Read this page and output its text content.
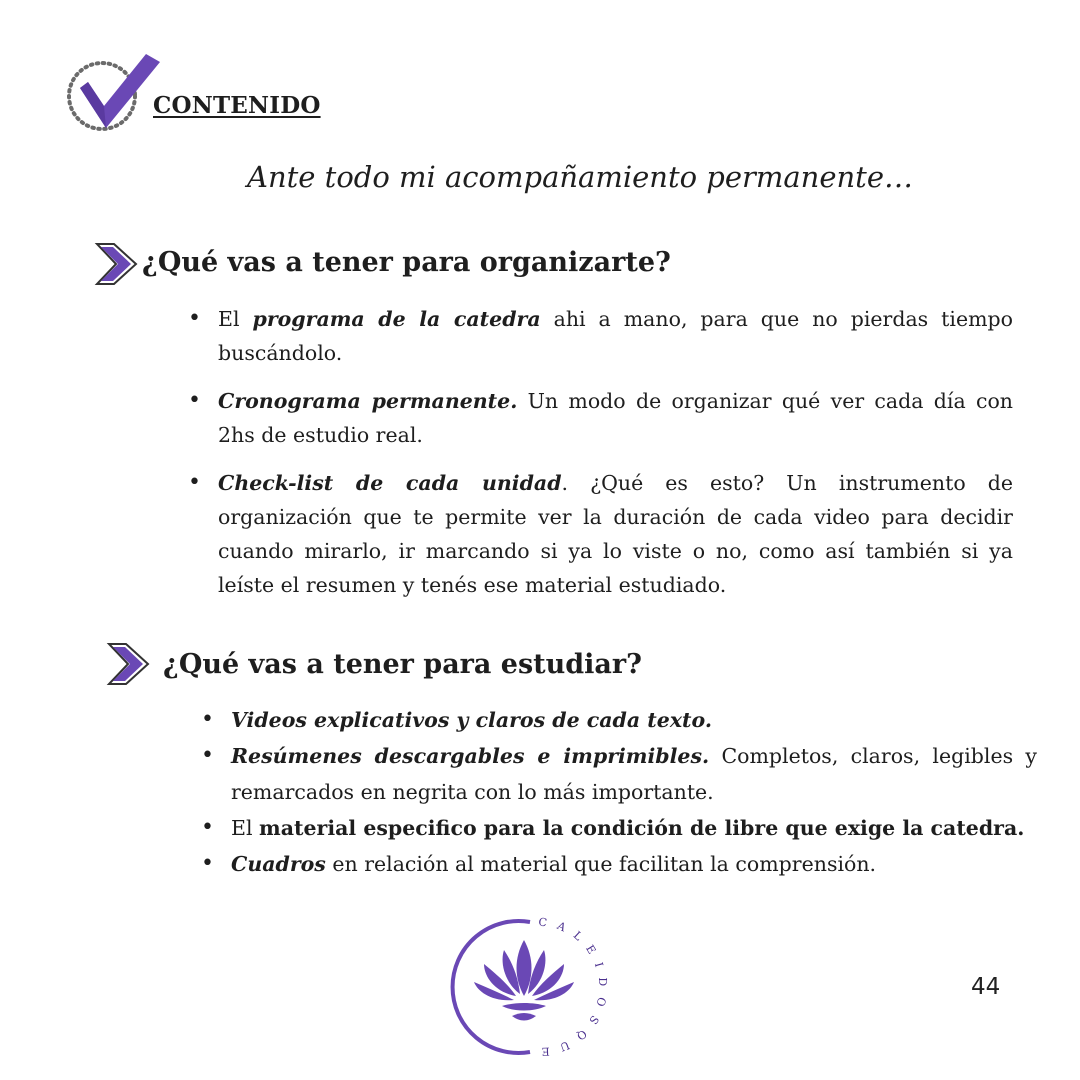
CONTENIDO
Ante todo mi acompañamiento permanente…
¿Qué vas a tener para organizarte?
• El programa de la catedra ahi a mano, para que no pierdas tiempo buscándolo.
• Cronograma permanente. Un modo de organizar qué ver cada día con 2hs de estudio real.
• Check-list de cada unidad. ¿Qué es esto? Un instrumento de organización que te permite ver la duración de cada video para decidir cuando mirarlo, ir marcando si ya lo viste o no, como así también si ya leíste el resumen y tenés ese material estudiado.
¿Qué vas a tener para estudiar?
• Videos explicativos y claros de cada texto.
• Resúmenes descargables e imprimibles. Completos, claros, legibles y remarcados en negrita con lo más importante.
• El material especifico para la condición de libre que exige la catedra.
• Cuadros en relación al material que facilitan la comprensión.
CALEIDOSQUE
44
